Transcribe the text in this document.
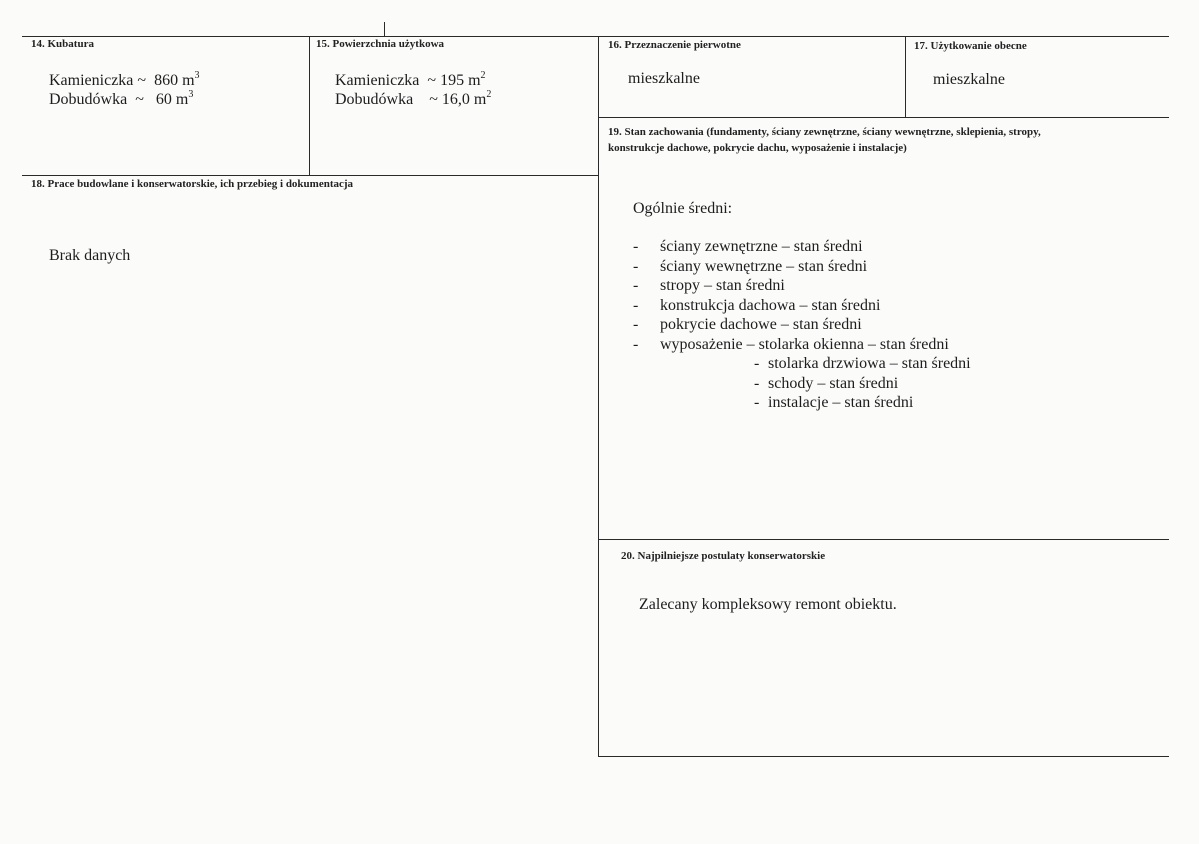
14. Kubatura
Kamieniczka ~ 860 $m^3$
Dobudówka ~ 60 $m^3$
15. Powierzchnia użytkowa
Kamieniczka ~ 195 $m^2$
Dobudówka ~ 16,0 $m^2$
16. Przeznaczenie pierwotne
mieszkalne
17. Użytkowanie obecne
mieszkalne
18. Prace budowlane i konserwatorskie, ich przebieg i dokumentacja
Brak danych
19. Stan zachowania (fundamenty, ściany zewnętrzne, ściany wewnętrzne, sklepienia, stropy, konstrukcje dachowe, pokrycie dachu, wyposażenie i instalacje)
Ogólnie średni:
- ściany zewnętrzne – stan średni
- ściany wewnętrzne – stan średni
- stropy – stan średni
- konstrukcja dachowa – stan średni
- pokrycie dachowe – stan średni
- wyposażenie – stolarka okienna – stan średni
- stolarka drzwiowa – stan średni
- schody – stan średni
- instalacje – stan średni
20. Najpilniejsze postulaty konserwatorskie
Zalecany kompleksowy remont obiektu.
